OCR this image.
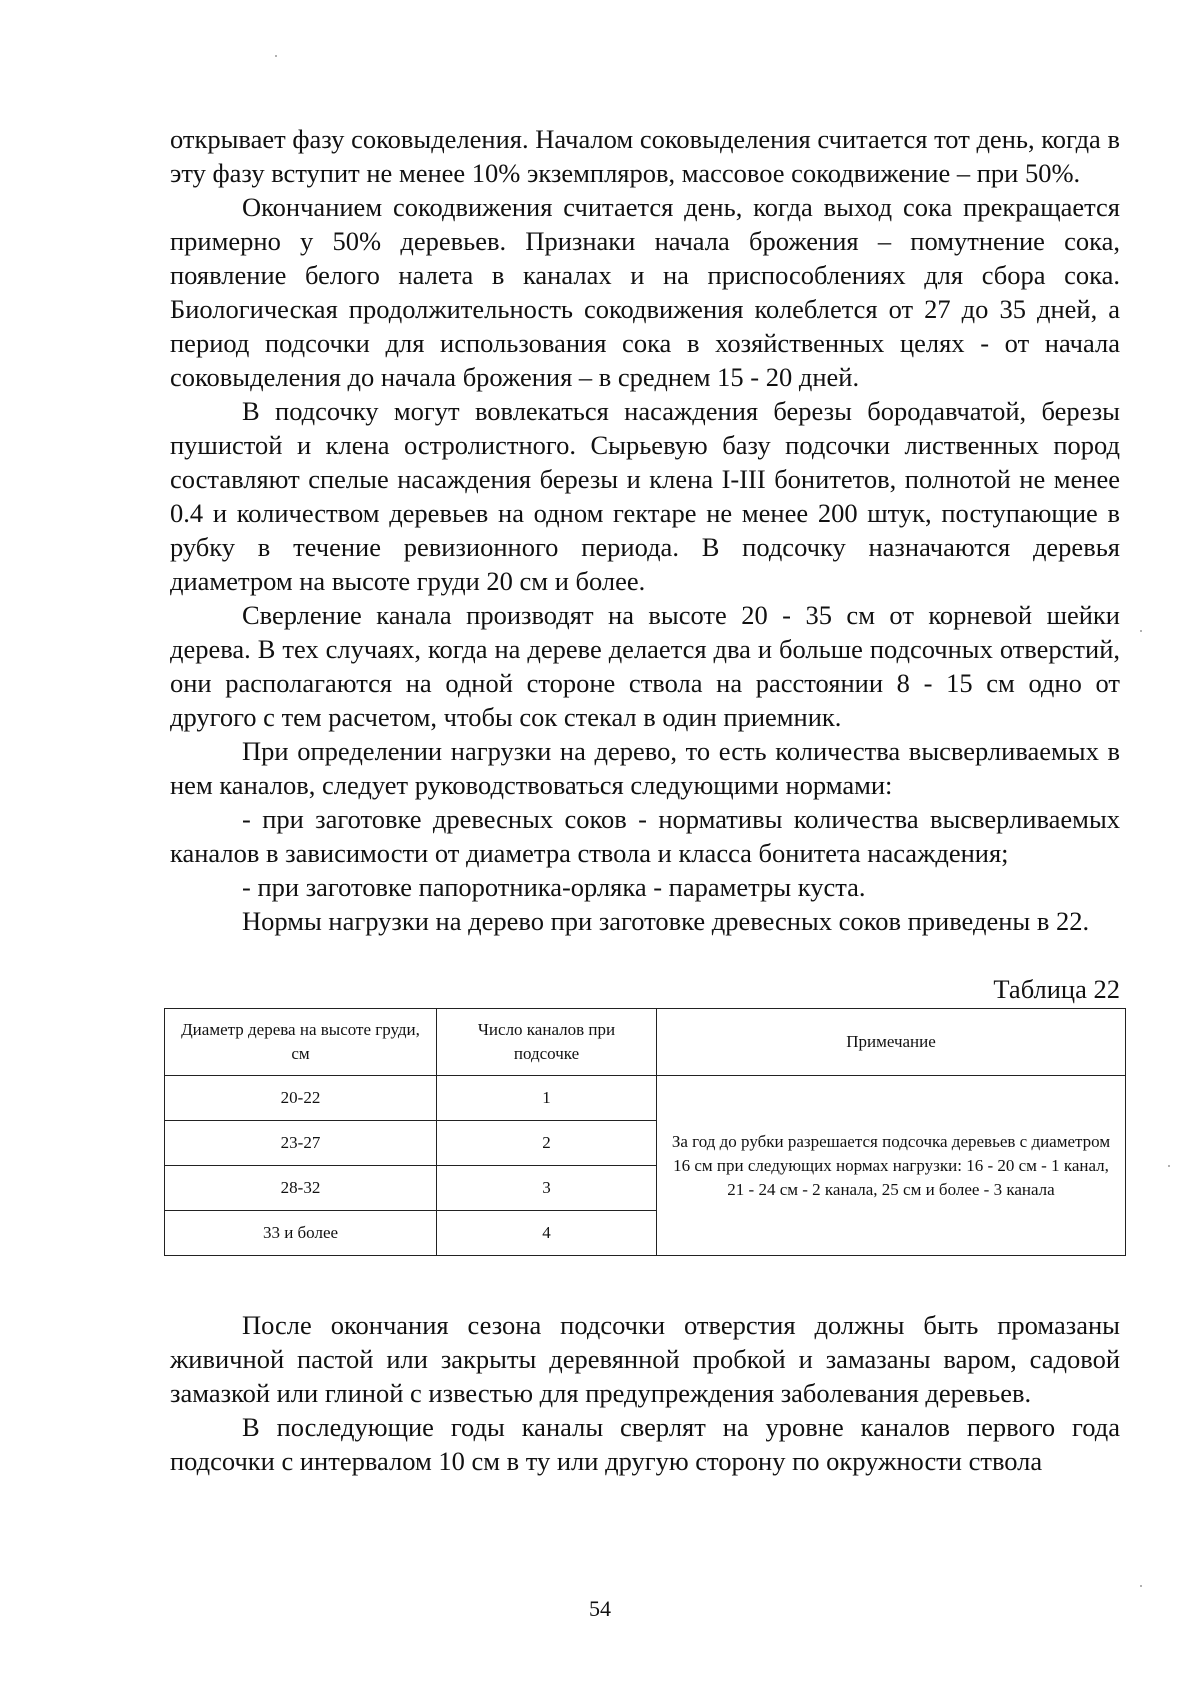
открывает фазу соковыделения. Началом соковыделения считается тот день, когда в эту фазу вступит не менее 10% экземпляров, массовое сокодвижение – при 50%.

Окончанием сокодвижения считается день, когда выход сока прекращается примерно у 50% деревьев. Признаки начала брожения – помутнение сока, появление белого налета в каналах и на приспособлениях для сбора сока. Биологическая продолжительность сокодвижения колеблется от 27 до 35 дней, а период подсочки для использования сока в хозяйственных целях - от начала соковыделения до начала брожения – в среднем 15 - 20 дней.

В подсочку могут вовлекаться насаждения березы бородавчатой, березы пушистой и клена остролистного. Сырьевую базу подсочки лиственных пород составляют спелые насаждения березы и клена I-III бонитетов, полнотой не менее 0.4 и количеством деревьев на одном гектаре не менее 200 штук, поступающие в рубку в течение ревизионного периода. В подсочку назначаются деревья диаметром на высоте груди 20 см и более.

Сверление канала производят на высоте 20 - 35 см от корневой шейки дерева. В тех случаях, когда на дереве делается два и больше подсочных отверстий, они располагаются на одной стороне ствола на расстоянии 8 - 15 см одно от другого с тем расчетом, чтобы сок стекал в один приемник.

При определении нагрузки на дерево, то есть количества высверливаемых в нем каналов, следует руководствоваться следующими нормами:

- при заготовке древесных соков - нормативы количества высверливаемых каналов в зависимости от диаметра ствола и класса бонитета насаждения;

- при заготовке папоротника-орляка - параметры куста.

Нормы нагрузки на дерево при заготовке древесных соков приведены в 22.

Таблица 22

Диаметр дерева на высоте груди, см	Число каналов при подсочке	Примечание
20-22	1	За год до рубки разрешается подсочка деревьев с диаметром 16 см при следующих нормах нагрузки: 16 - 20 см - 1 канал, 21 - 24 см - 2 канала, 25 см и более - 3 канала
23-27	2	
28-32	3	
33 и более	4	

После окончания сезона подсочки отверстия должны быть промазаны живичной пастой или закрыты деревянной пробкой и замазаны варом, садовой замазкой или глиной с известью для предупреждения заболевания деревьев.

В последующие годы каналы сверлят на уровне каналов первого года подсочки с интервалом 10 см в ту или другую сторону по окружности ствола

54
